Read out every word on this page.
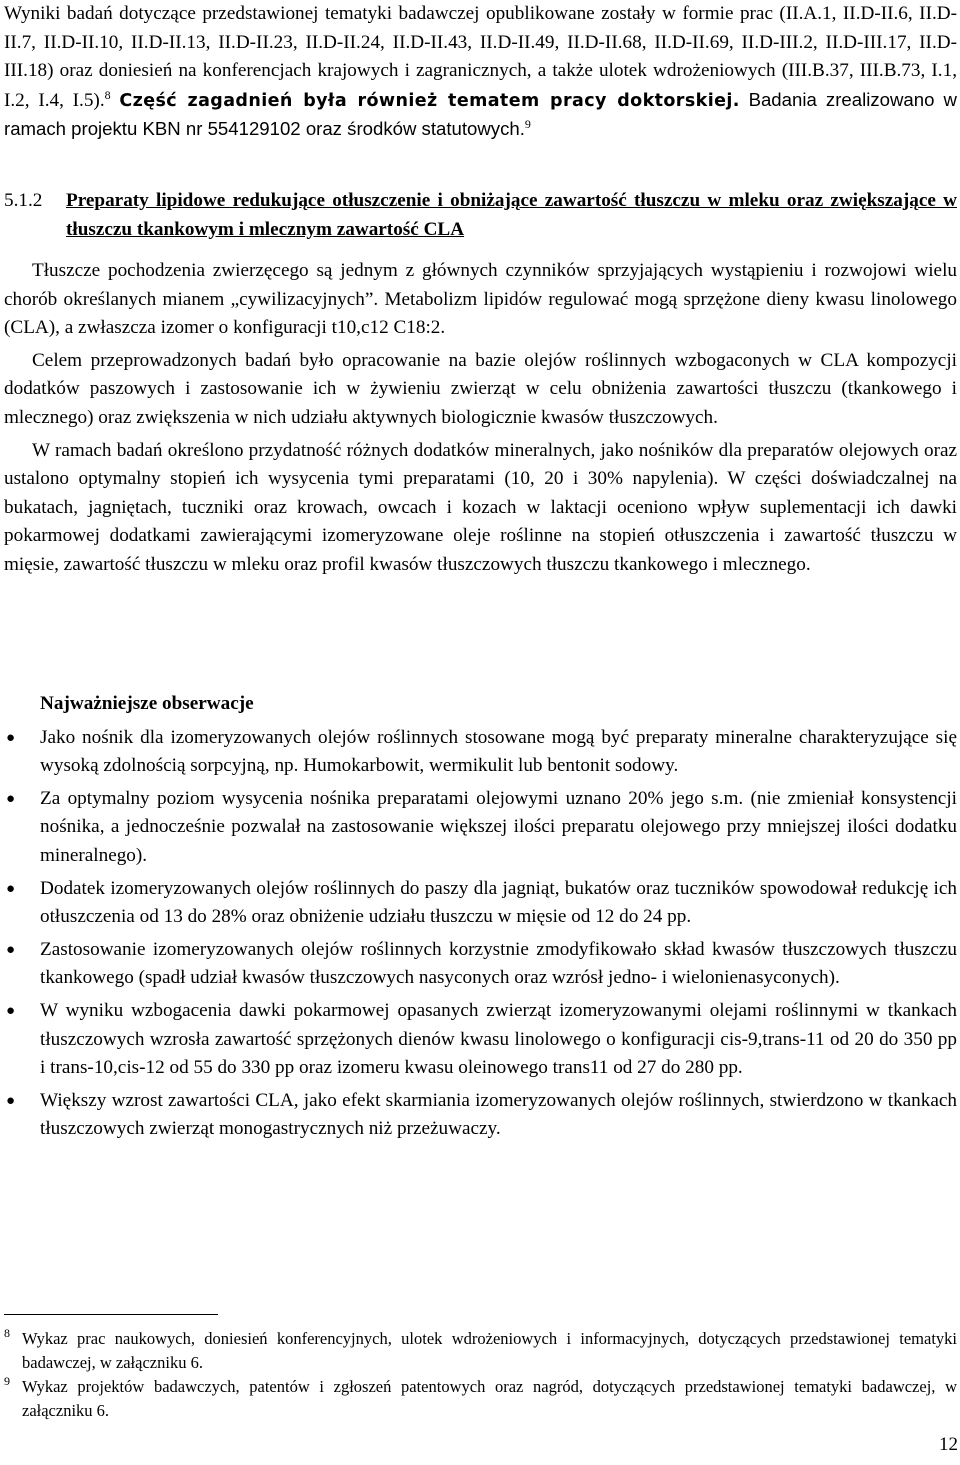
Wyniki badań dotyczące przedstawionej tematyki badawczej opublikowane zostały w formie prac (II.A.1, II.D-II.6, II.D-II.7, II.D-II.10, II.D-II.13, II.D-II.23, II.D-II.24, II.D-II.43, II.D-II.49, II.D-II.68, II.D-II.69, II.D-III.2, II.D-III.17, II.D-III.18) oraz doniesień na konferencjach krajowych i zagranicznych, a także ulotek wdrożeniowych (III.B.37, III.B.73, I.1, I.2, I.4, I.5).$^8$ Część zagadnień była również tematem pracy doktorskiej. Badania zrealizowano w ramach projektu KBN nr 554129102 oraz środków statutowych.$^9$

5.1.2	Preparaty lipidowe redukujące otłuszczenie i obniżające zawartość tłuszczu w mleku oraz zwiększające w tłuszczu tkankowym i mlecznym zawartość CLA

Tłuszcze pochodzenia zwierzęcego są jednym z głównych czynników sprzyjających wystąpieniu i rozwojowi wielu chorób określanych mianem „cywilizacyjnych”. Metabolizm lipidów regulować mogą sprzężone dieny kwasu linolowego (CLA), a zwłaszcza izomer o konfiguracji t10,c12 C18:2.

Celem przeprowadzonych badań było opracowanie na bazie olejów roślinnych wzbogaconych w CLA kompozycji dodatków paszowych i zastosowanie ich w żywieniu zwierząt w celu obniżenia zawartości tłuszczu (tkankowego i mlecznego) oraz zwiększenia w nich udziału aktywnych biologicznie kwasów tłuszczowych.

W ramach badań określono przydatność różnych dodatków mineralnych, jako nośników dla preparatów olejowych oraz ustalono optymalny stopień ich wysycenia tymi preparatami (10, 20 i 30% napylenia). W części doświadczalnej na bukatach, jagniętach, tuczniki oraz krowach, owcach i kozach w laktacji oceniono wpływ suplementacji ich dawki pokarmowej dodatkami zawierającymi izomeryzowane oleje roślinne na stopień otłuszczenia i zawartość tłuszczu w mięsie, zawartość tłuszczu w mleku oraz profil kwasów tłuszczowych tłuszczu tkankowego i mlecznego.

Najważniejsze obserwacje
● Jako nośnik dla izomeryzowanych olejów roślinnych stosowane mogą być preparaty mineralne charakteryzujące się wysoką zdolnością sorpcyjną, np. Humokarbowit, wermikulit lub bentonit sodowy.
● Za optymalny poziom wysycenia nośnika preparatami olejowymi uznano 20% jego s.m. (nie zmieniał konsystencji nośnika, a jednocześnie pozwalał na zastosowanie większej ilości preparatu olejowego przy mniejszej ilości dodatku mineralnego).
● Dodatek izomeryzowanych olejów roślinnych do paszy dla jagniąt, bukatów oraz tuczników spowodował redukcję ich otłuszczenia od 13 do 28% oraz obniżenie udziału tłuszczu w mięsie od 12 do 24 pp.
● Zastosowanie izomeryzowanych olejów roślinnych korzystnie zmodyfikowało skład kwasów tłuszczowych tłuszczu tkankowego (spadł udział kwasów tłuszczowych nasyconych oraz wzrósł jedno- i wielonienasyconych).
● W wyniku wzbogacenia dawki pokarmowej opasanych zwierząt izomeryzowanymi olejami roślinnymi w tkankach tłuszczowych wzrosła zawartość sprzężonych dienów kwasu linolowego o konfiguracji cis-9,trans-11 od 20 do 350 pp i trans-10,cis-12 od 55 do 330 pp oraz izomeru kwasu oleinowego trans11 od 27 do 280 pp.
● Większy wzrost zawartości CLA, jako efekt skarmiania izomeryzowanych olejów roślinnych, stwierdzono w tkankach tłuszczowych zwierząt monogastrycznych niż przeżuwaczy.
8 Wykaz prac naukowych, doniesień konferencyjnych, ulotek wdrożeniowych i informacyjnych, dotyczących przedstawionej tematyki badawczej, w załączniku 6.
9 Wykaz projektów badawczych, patentów i zgłoszeń patentowych oraz nagród, dotyczących przedstawionej tematyki badawczej, w załączniku 6.
12
